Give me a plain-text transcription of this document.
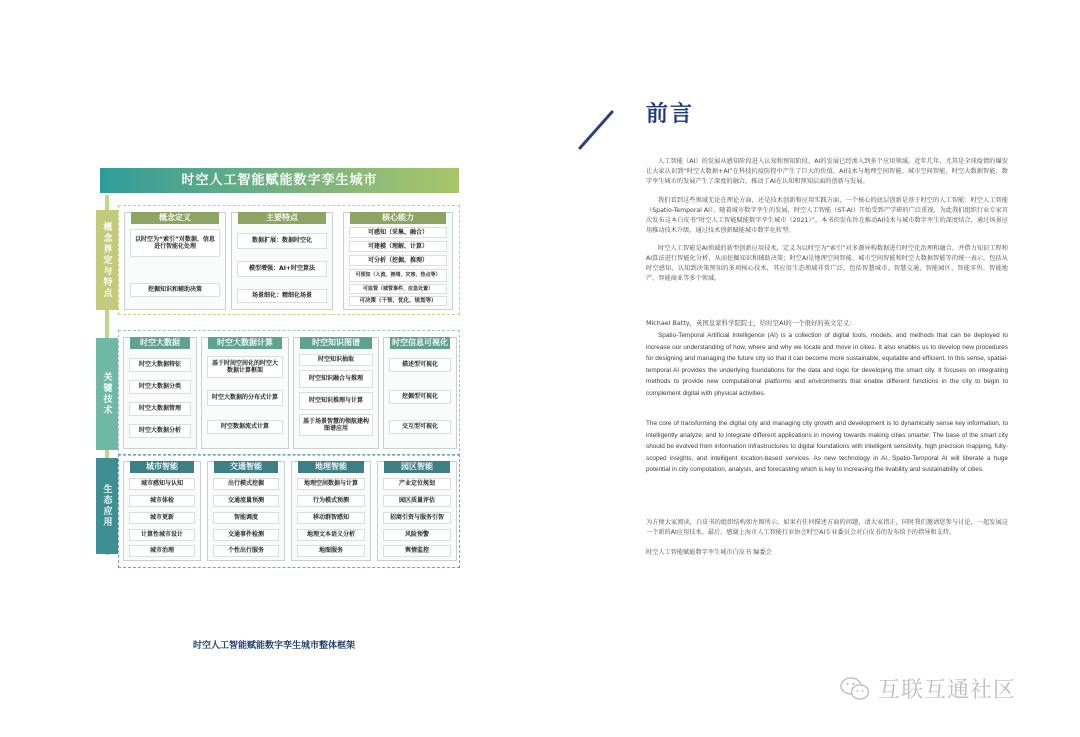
时空人工智能赋能数字孪生城市
概念界定与特点
关键技术
生态应用
概念定义
以时空为“索引”对数据、信息进行智能化处理
挖掘知识和辅助决策
主要特点
数据扩展：数据时空化
模型增强：AI+时空算法
场景细化：精细化场景
核心能力
可感知（采集、融合）
可建模（理解、计算）
可分析（挖掘、推理）
可预知（人流、拥堵、灾害、热点等）
可监管（城管事件、应急处置）
可决策（干预、优化、规划等）
时空大数据
时空大数据特征
时空大数据分类
时空大数据管理
时空大数据分析
时空大数据计算
基于时间空间化的时空大数据计算框架
时空大数据的分布式计算
时空数据流式计算
时空知识图谱
时空知识抽取
时空知识融合与推理
时空知识推理与计算
基于场景智慧的领航建构图谱应用
时空信息可视化
描述型可视化
挖掘型可视化
交互型可视化
城市智能
城市感知与认知
城市体检
城市更新
计算性城市设计
城市治理
交通智能
出行模式挖掘
交通流量预测
智能调度
交通事件检测
个性出行服务
地理智能
地理空间数据与计算
行为模式预测
移动群智感知
地理文本语义分析
地图服务
园区智能
产业定位规划
园区质量评估
招商引资与服务引智
风险预警
舆情监控
时空人工智能赋能数字孪生城市整体框架
前言
人工智能（AI）的发展从感知阶段进入认知和预知阶段，AI的发展已经渗入到多个应用领域。近年几年，尤其是全球疫情的爆发让大家认识到“时空大数据+AI”在科技抗疫防控中产生了巨大的价值，AI技术与地理空间智能、城市空间智能、时空大数据智能、数字孪生城市的发展产生了深度的融合，推动了AI在认知和预知层面的创新与发展。
我们看到这些领域无论在理论方面，还是技术创新和应用实践方面，一个核心的底层创新是基于时空的人工智能：时空人工智能（Spatio-Temporal AI）。随着城市数字孪生的发展，时空人工智能（ST-AI）开始受到产学研的广泛重视，为此我们组织行业专家首次发布这本白皮书“时空人工智能赋能数字孪生城市（2021）”。本书的发布旨在推动AI技术与城市数字孪生的深度结合，通过场景应用推动技术升级，通过技术创新赋能城市数字化转型。
时空人工智能是AI领域的新型创新应用技术，定义为以时空为“索引”对多源异构数据进行时空化治理和融合，并借力知识工程和AI算法进行智能化分析，从而挖掘知识和辅助决策；时空AI是地理空间智能、城市空间智能和时空大数据智能等的统一表示，包括从时空感知、认知到决策预知的多项核心技术，其应用生态领域非常广泛，包括智慧城市、智慧交通、智能园区、智能零售、智能地产、智能商业等多个领域。
Michael Batty，英国皇家科学院院士，给时空AI的一个很好的英文定义：
Spatio-Temporal Artificial Intelligence (AI) is a collection of digital tools, models, and methods that can be deployed to increase our understanding of how, where and why we locate and move in cities. It also enables us to develop new procedures for designing and managing the future city so that it can become more sustainable, equitable and efficient. In this sense, spatial-temporal AI provides the underlying foundations for the data and logic for developing the smart city. It focuses on integrating methods to provide new computational platforms and environments that enable different functions in the city to begin to complement digital with physical activities.
The core of transforming the digital city and managing city growth and development is to dynamically sense key information, to intelligently analyze, and to integrate different applications in moving towards making cities smarter. The base of the smart city should be evolved from information infrastructures to digital foundations with intelligent sensitivity, high precision mapping, fully-scoped insights, and intelligent location-based services. As new technology in AI, Spatio-Temporal AI will liberate a huge potential in city computation, analysis, and forecasting which is key to increasing the livability and sustainability of cities.
为方便大家阅读，白皮书的组织结构如左图所示。如果有任何描述方面的问题，请大家指正，同时我们邀请您参与讨论，一起发展这一个新的AI应用技术。最后，感谢上海市人工智能行业协会时空AI专业委员会对白皮书的发布给予的指导和支持。
时空人工智能赋能数字孪生城市白皮书 编委会
互联互通社区
